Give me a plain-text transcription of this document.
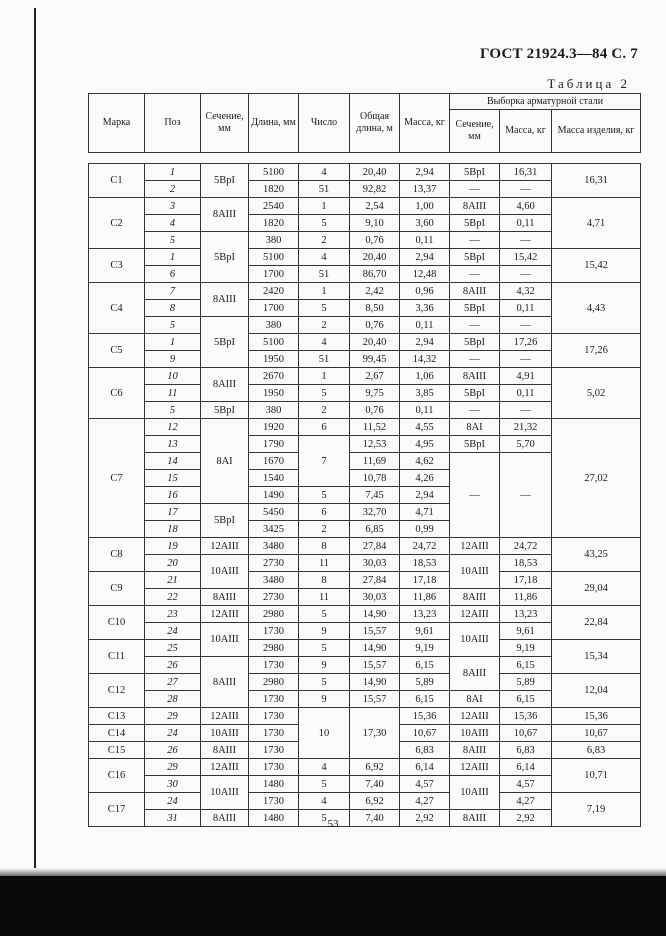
ГОСТ 21924.3—84 С. 7
Таблица 2
Марка	Поз	Сечение, мм	Длина, мм	Число	Общая длина, м	Масса, кг	Выборка арматурной стали		
							Сечение, мм	Масса, кг	Масса изделия, кг

С1	1	5BpI	5100	4	20,40	2,94	5BpI	16,31	16,31
	2		1820	51	92,82	13,37	—	—	
С2	3	8AIII	2540	1	2,54	1,00	8AIII	4,60	4,71
	4		1820	5	9,10	3,60	5BpI	0,11	
	5	5BpI	380	2	0,76	0,11	—	—	
С3	1		5100	4	20,40	2,94	5BpI	15,42	15,42
	6		1700	51	86,70	12,48	—	—	
С4	7	8AIII	2420	1	2,42	0,96	8AIII	4,32	4,43
	8		1700	5	8,50	3,36	5BpI	0,11	
	5	5BpI	380	2	0,76	0,11	—	—	
С5	1		5100	4	20,40	2,94	5BpI	17,26	17,26
	9		1950	51	99,45	14,32	—	—	
С6	10	8AIII	2670	1	2,67	1,06	8AIII	4,91	5,02
	11		1950	5	9,75	3,85	5BpI	0,11	
	5	5BpI	380	2	0,76	0,11	—	—	
С7	12	8AI	1920	6	11,52	4,55	8AI	21,32	27,02
	13		1790	7	12,53	4,95	5BpI	5,70	
	14		1670		11,69	4,62	—	—	
	15		1540		10,78	4,26			
	16		1490	5	7,45	2,94			
	17	5BpI	5450	6	32,70	4,71			
	18		3425	2	6,85	0,99			
С8	19	12AIII	3480	8	27,84	24,72	12AIII	24,72	43,25
	20	10AIII	2730	11	30,03	18,53	10AIII	18,53	
С9	21		3480	8	27,84	17,18		17,18	29,04
	22	8AIII	2730	11	30,03	11,86	8AIII	11,86	
С10	23	12AIII	2980	5	14,90	13,23	12AIII	13,23	22,84
	24	10AIII	1730	9	15,57	9,61	10AIII	9,61	
С11	25		2980	5	14,90	9,19		9,19	15,34
	26	8AIII	1730	9	15,57	6,15	8AIII	6,15	
С12	27		2980	5	14,90	5,89		5,89	12,04
	28		1730	9	15,57	6,15	8AI	6,15	
С13	29	12AIII	1730	10	17,30	15,36	12AIII	15,36	15,36
С14	24	10AIII	1730			10,67	10AIII	10,67	10,67
С15	26	8AIII	1730			6,83	8AIII	6,83	6,83
С16	29	12AIII	1730	4	6,92	6,14	12AIII	6,14	10,71
	30	10AIII	1480	5	7,40	4,57	10AIII	4,57	
С17	24		1730	4	6,92	4,27		4,27	7,19
	31	8AIII	1480	5	7,40	2,92	8AIII	2,92	
53
